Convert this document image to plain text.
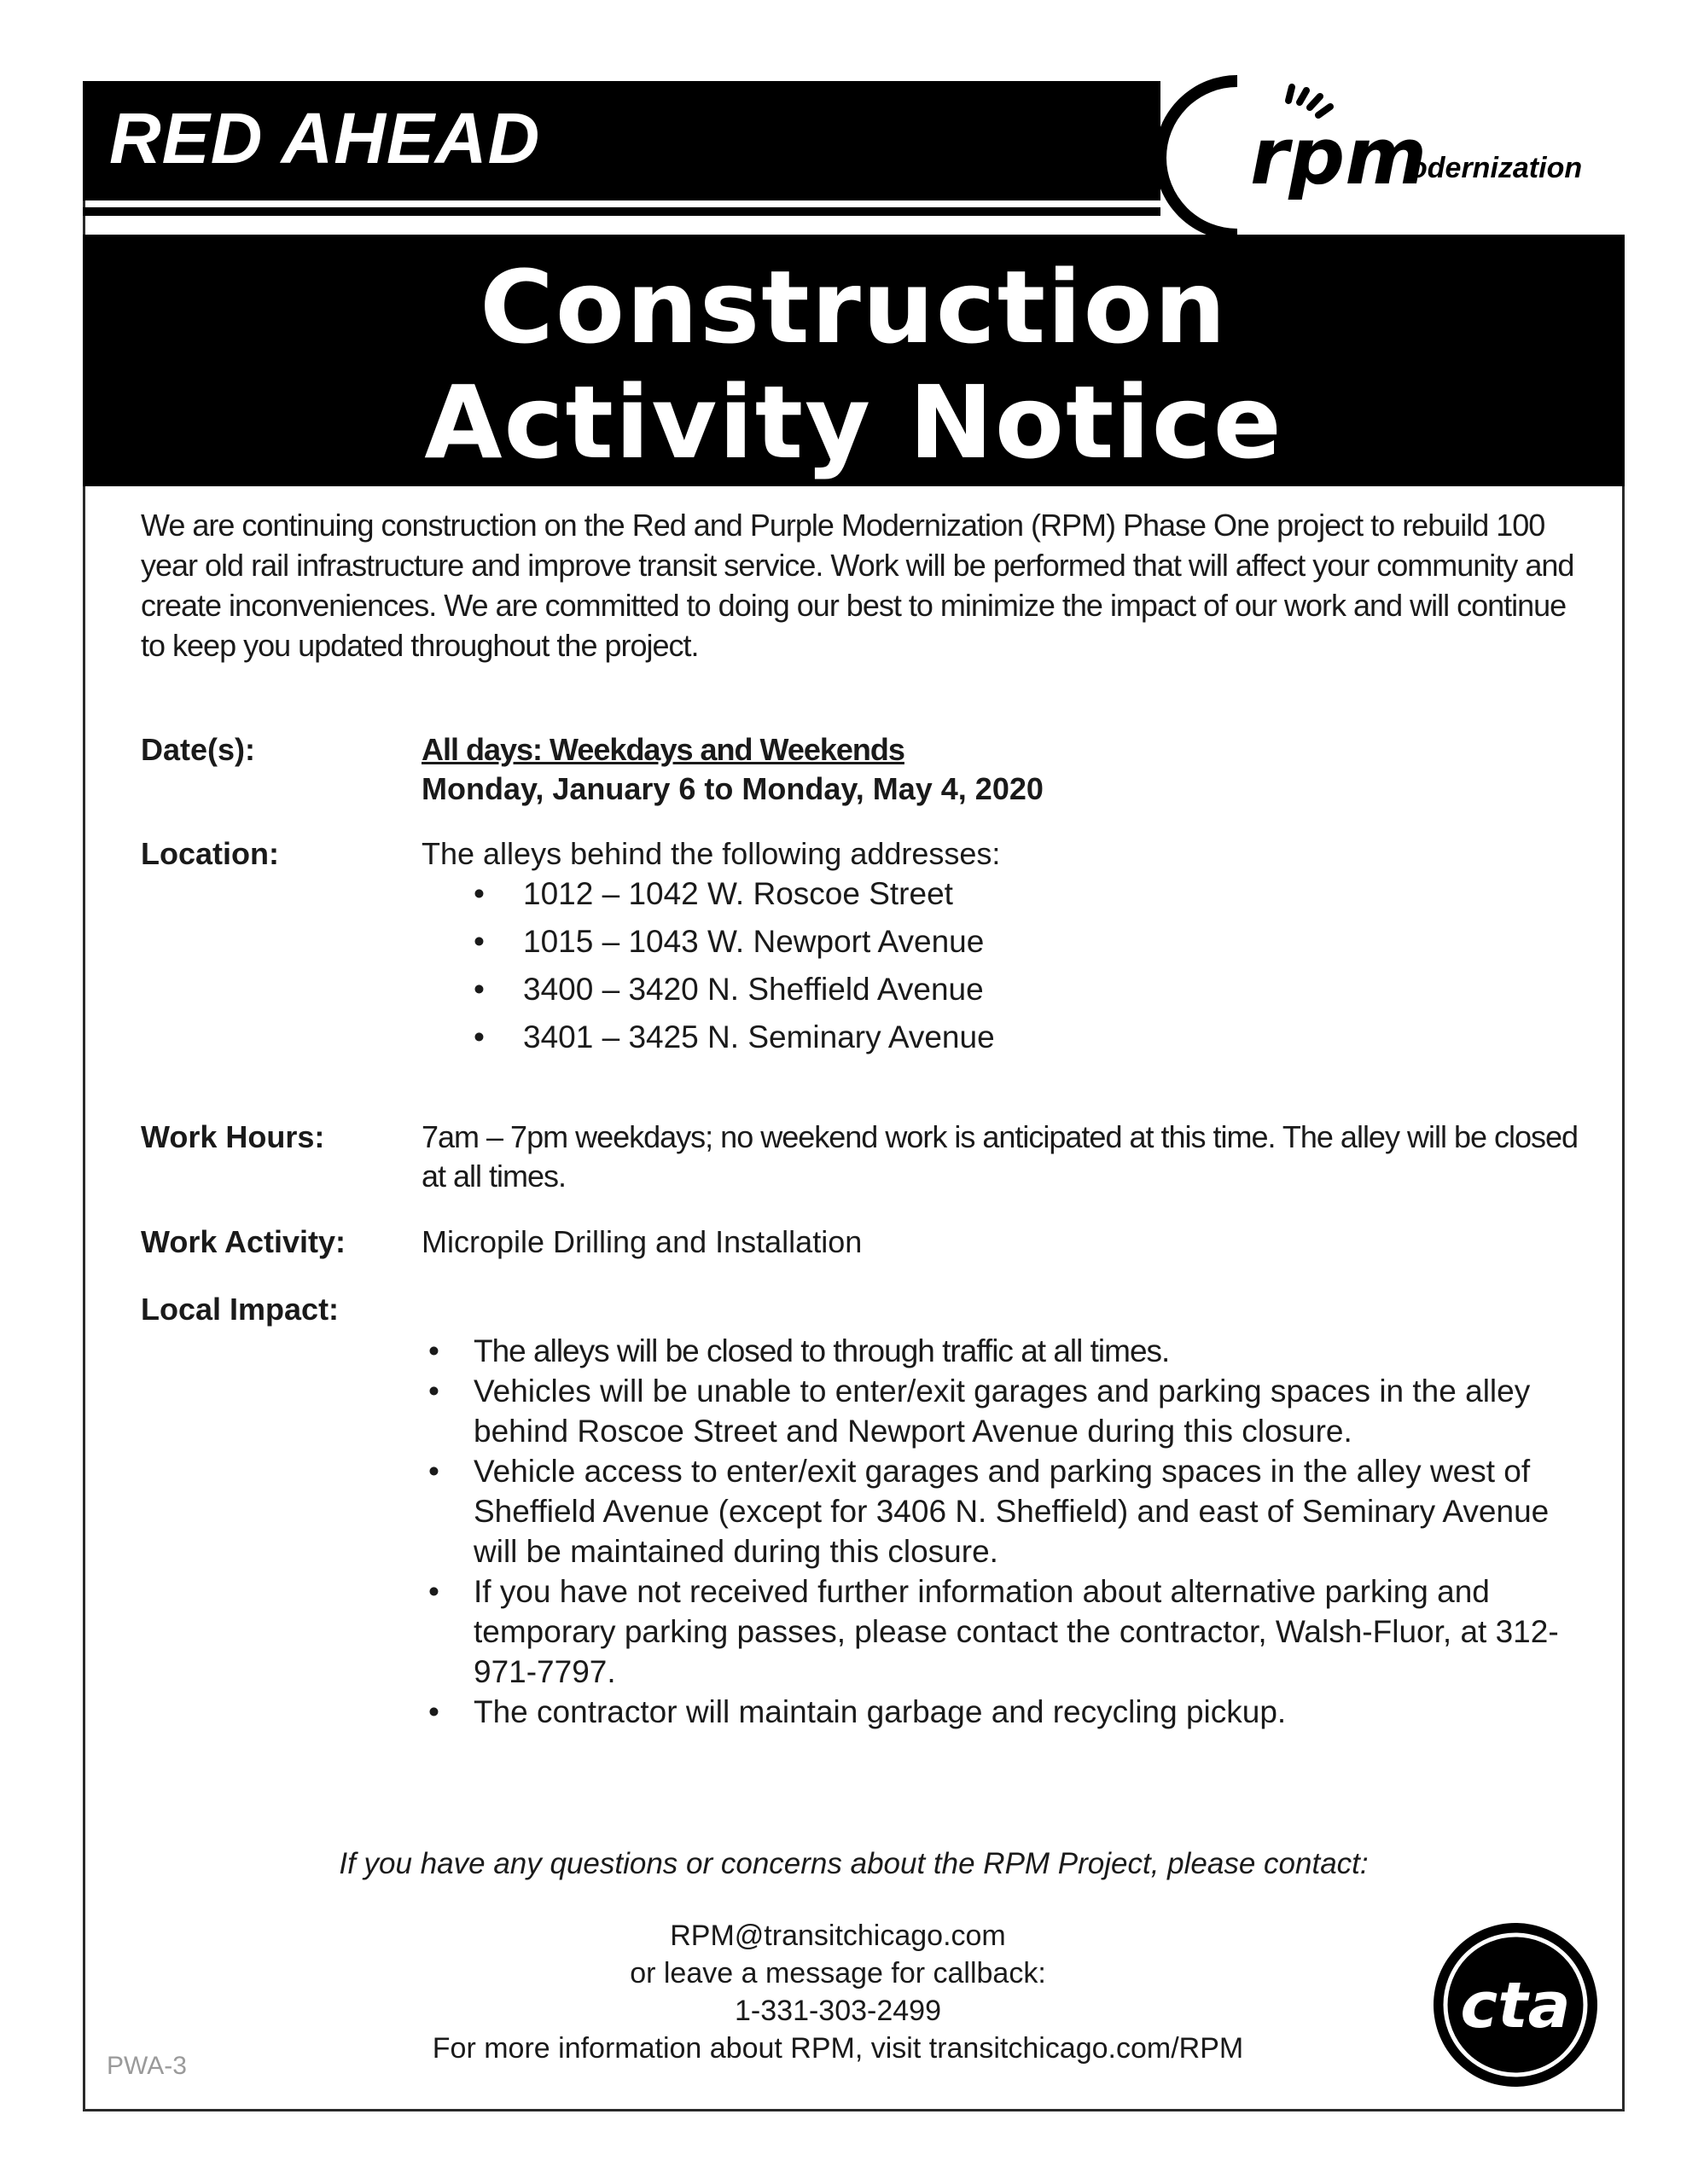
RED AHEAD	rpm
odernization
Construction
Activity Notice
We are continuing construction on the Red and Purple Modernization (RPM) Phase One project to rebuild 100 year old rail infrastructure and improve transit service. Work will be performed that will affect your community and create inconveniences. We are committed to doing our best to minimize the impact of our work and will continue to keep you updated throughout the project.
Date(s):	All days: Weekdays and Weekends
Monday, January 6 to Monday, May 4, 2020
Location:	The alleys behind the following addresses:
• 1012 – 1042 W. Roscoe Street
• 1015 – 1043 W. Newport Avenue
• 3400 – 3420 N. Sheffield Avenue
• 3401 – 3425 N. Seminary Avenue
Work Hours:	7am – 7pm weekdays; no weekend work is anticipated at this time. The alley will be closed at all times.
Work Activity: Micropile Drilling and Installation
Local Impact:
• The alleys will be closed to through traffic at all times.
• Vehicles will be unable to enter/exit garages and parking spaces in the alley behind Roscoe Street and Newport Avenue during this closure.
• Vehicle access to enter/exit garages and parking spaces in the alley west of Sheffield Avenue (except for 3406 N. Sheffield) and east of Seminary Avenue will be maintained during this closure.
• If you have not received further information about alternative parking and temporary parking passes, please contact the contractor, Walsh-Fluor, at 312-971-7797.
• The contractor will maintain garbage and recycling pickup.
If you have any questions or concerns about the RPM Project, please contact:
RPM@transitchicago.com
or leave a message for callback:
1-331-303-2499
For more information about RPM, visit transitchicago.com/RPM
PWA-3
cta
